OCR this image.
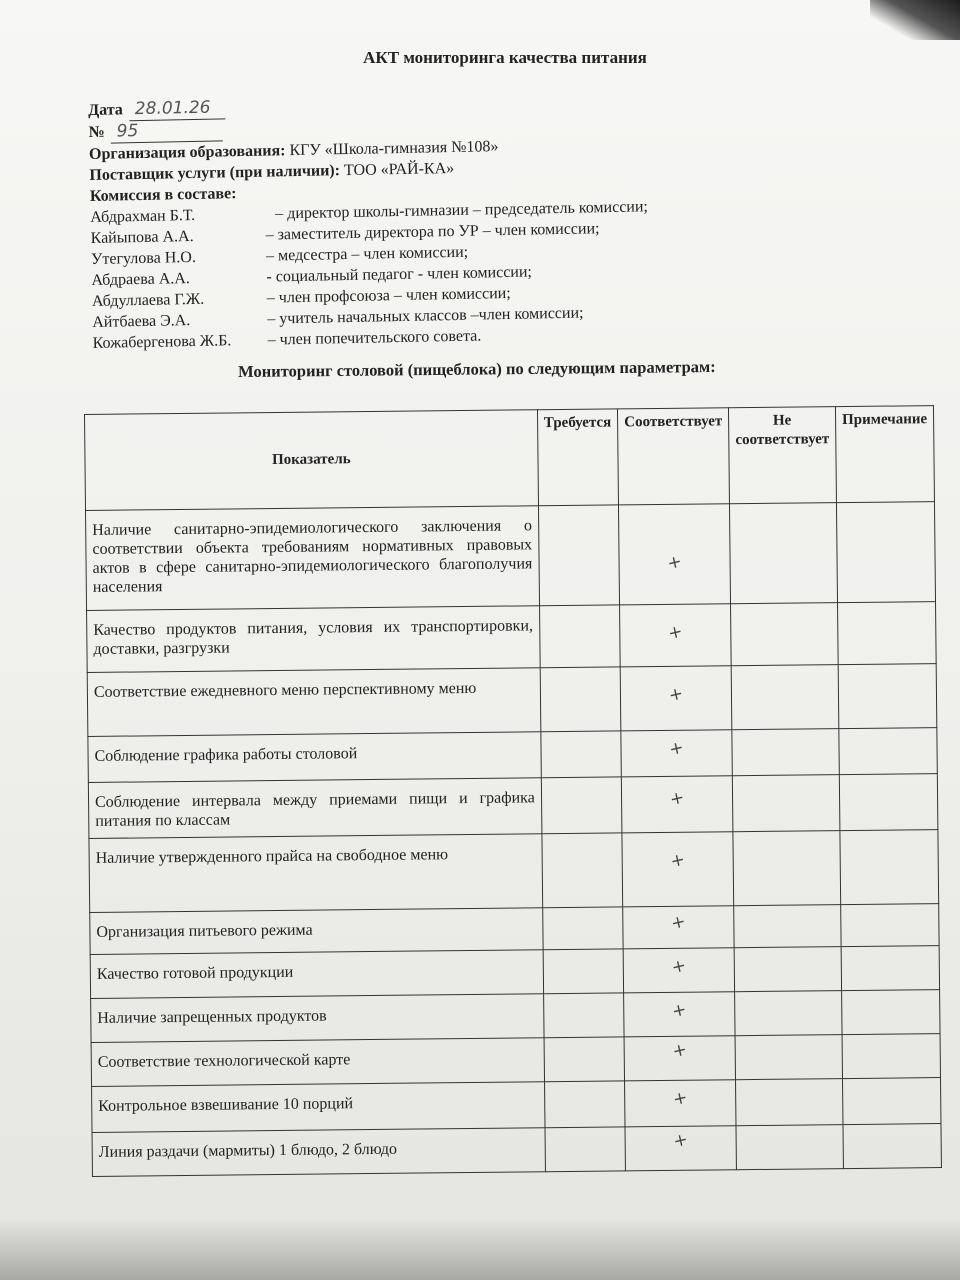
АКТ мониторинга качества питания
Дата 28.01.26
№ 95
Организация образования: КГУ «Школа-гимназия №108»
Поставщик услуги (при наличии): ТОО «РАЙ-КА»
Комиссия в составе:
Абдрахман Б.Т.	– директор школы-гимназии – председатель комиссии;
Кайыпова А.А.	– заместитель директора по УР – член комиссии;
Утегулова Н.О.	– медсестра – член комиссии;
Абдраева А.А.	- социальный педагог - член комиссии;
Абдуллаева Г.Ж.	– член профсоюза – член комиссии;
Айтбаева Э.А.	– учитель начальных классов –член комиссии;
Кожабергенова Ж.Б.	– член попечительского совета.
Мониторинг столовой (пищеблока) по следующим параметрам:
Показатель	Требуется	Соответствует	Не соответствует	Примечание
Наличие санитарно-эпидемиологического заключения о соответствии объекта требованиям нормативных правовых актов в сфере санитарно-эпидемиологического благополучия населения		+		

Качество продуктов питания, условия их транспортировки, доставки, разгрузки		+		

Соответствие ежедневного меню перспективному меню		+		

Соблюдение графика работы столовой		+		

Соблюдение интервала между приемами пищи и графика питания по классам		+		

Наличие утвержденного прайса на свободное меню		+		

Организация питьевого режима		+		

Качество готовой продукции		+		

Наличие запрещенных продуктов		+		

Соответствие технологической карте		+		

Контрольное взвешивание 10 порций		+		

Линия раздачи (мармиты) 1 блюдо, 2 блюдо		+		
